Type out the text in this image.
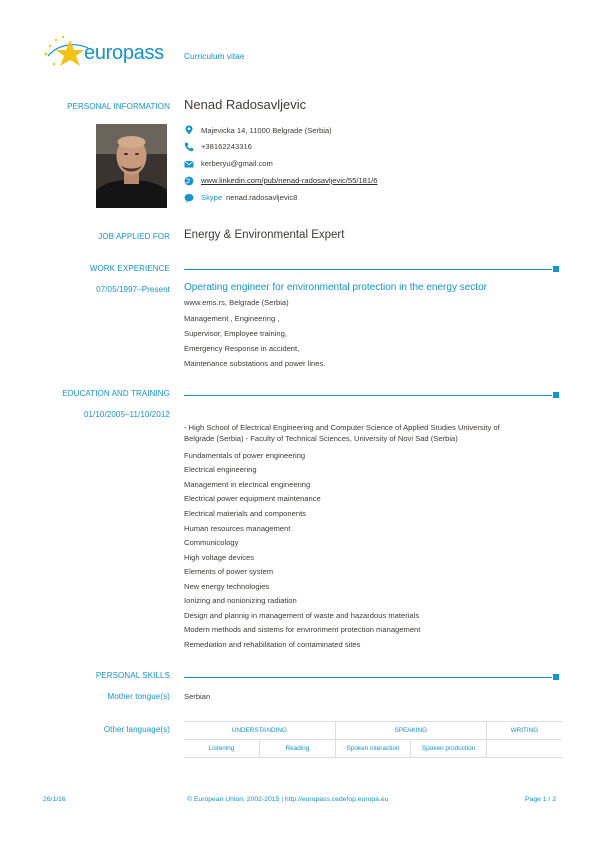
europass Curriculum vitae
PERSONAL INFORMATION Nenad Radosavljevic
Majevicka 14, 11000 Belgrade (Serbia)
+38162243316
kerberyu@gmail.com
www.linkedin.com/pub/nenad-radosavljevic/55/181/6
Skype nenad.radosavljevic8
JOB APPLIED FOR Energy & Environmental Expert
WORK EXPERIENCE
07/05/1997–Present Operating engineer for environmental protection in the energy sector
www.ems.rs, Belgrade (Serbia)
Management , Engineering ,
Supervisor, Employee training,
Emergency Response in accident,
Maintenance substations and power lines.
EDUCATION AND TRAINING
01/10/2005–11/10/2012
- High School of Electrical Engineering and Computer Science of Applied Studies University of
Belgrade (Serbia) - Faculty of Technical Sciences, University of Novi Sad (Serbia)
Fundamentals of power engineering
Electrical engineering
Management in electrical engineering
Electrical power equipment maintenance
Electrical materials and components
Human resources management
Communicology
High voltage devices
Elements of power system
New energy technologies
Ionizing and nonionizing radiation
Design and plannig in management of waste and hazardous materials
Modern methods and sistems for environment protection management
Remediation and rehabilitation of contaminated sites
PERSONAL SKILLS
Mother tongue(s) Serbian
Other language(s)	UNDERSTANDING		SPEAKING		WRITING
Listening	Reading	Spoken interaction	Spoken production	
26/1/16	© European Union, 2002-2015 | http://europass.cedefop.europa.eu	Page 1 / 2
